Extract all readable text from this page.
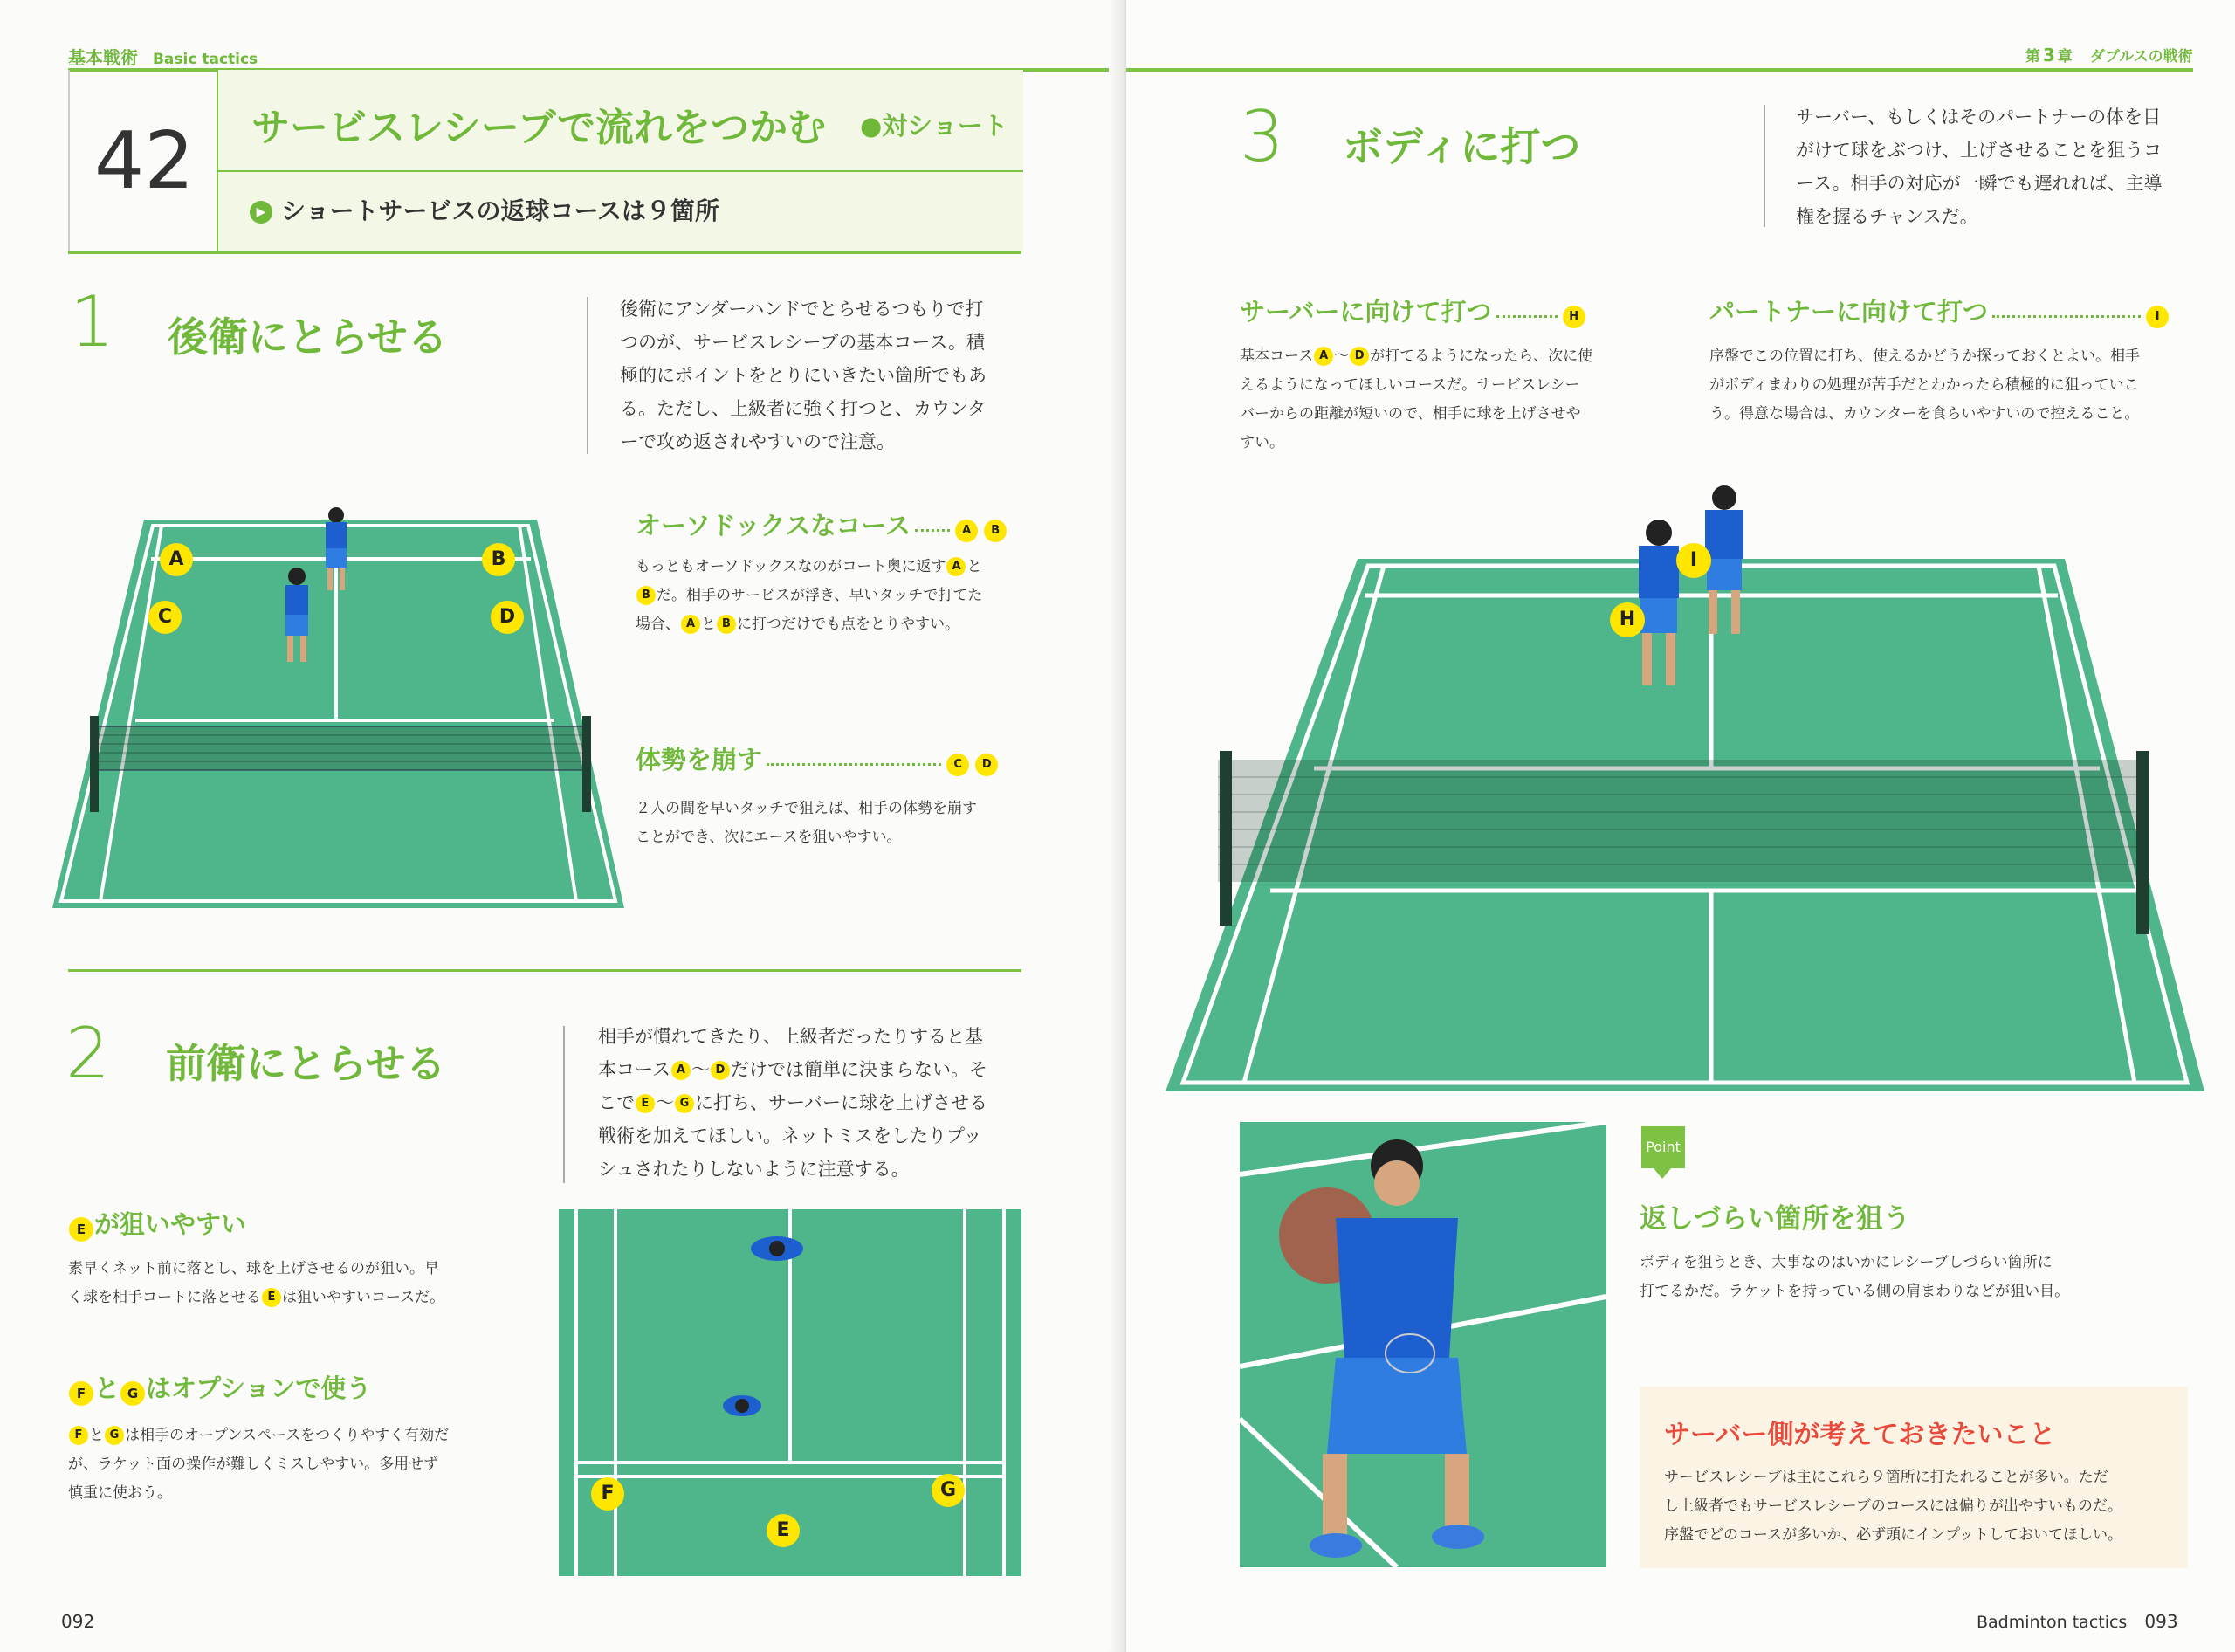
基本戦術 Basic tactics
42	サービスレシーブで流れをつかむ ●対ショート
▶ ショートサービスの返球コースは９箇所
1 後衛にとらせる
後衛にアンダーハンドでとらせるつもりで打
つのが、サービスレシーブの基本コース。積
極的にポイントをとりにいきたい箇所でもあ
る。ただし、上級者に強く打つと、カウンタ
ーで攻め返されやすいので注意。
A	B
C	D
オーソドックスなコース	A B
もっともオーソドックスなのがコート奥に返す A と
B だ。相手のサービスが浮き、早いタッチで打てた
場合、 A と B に打つだけでも点をとりやすい。
体勢を崩す	C D
２人の間を早いタッチで狙えば、相手の体勢を崩す
ことができ、次にエースを狙いやすい。
2 前衛にとらせる
相手が慣れてきたり、上級者だったりすると基
本コース A 〜 D だけでは簡単に決まらない。そ
こで E 〜 G に打ち、サーバーに球を上げさせる
戦術を加えてほしい。ネットミスをしたりプッ
シュされたりしないように注意する。
E が狙いやすい
素早くネット前に落とし、球を上げさせるのが狙い。早
く球を相手コートに落とせる E は狙いやすいコースだ。
F と G はオプションで使う
F と G は相手のオープンスペースをつくりやすく有効だ
が、ラケット面の操作が難しくミスしやすい。多用せず
慎重に使おう。	F	G
E
092
第 3 章 ダブルスの戦術
3 ボディに打つ
サーバー、もしくはそのパートナーの体を目
がけて球をぶつけ、上げさせることを狙うコ
ース。相手の対応が一瞬でも遅れれば、主導
権を握るチャンスだ。
サーバーに向けて打つ	H
基本コース A 〜 D が打てるようになったら、次に使
えるようになってほしいコースだ。サービスレシー
バーからの距離が短いので、相手に球を上げさせや
すい。
パートナーに向けて打つ	I
序盤でこの位置に打ち、使えるかどうか探っておくとよい。相手
がボディまわりの処理が苦手だとわかったら積極的に狙っていこ
う。得意な場合は、カウンターを食らいやすいので控えること。
I
H
Point
返しづらい箇所を狙う
ボディを狙うとき、大事なのはいかにレシーブしづらい箇所に
打てるかだ。ラケットを持っている側の肩まわりなどが狙い目。
サーバー側が考えておきたいこと
サービスレシーブは主にこれら９箇所に打たれることが多い。ただ
し上級者でもサービスレシーブのコースには偏りが出やすいものだ。
序盤でどのコースが多いか、必ず頭にインプットしておいてほしい。
Badminton tactics 093
